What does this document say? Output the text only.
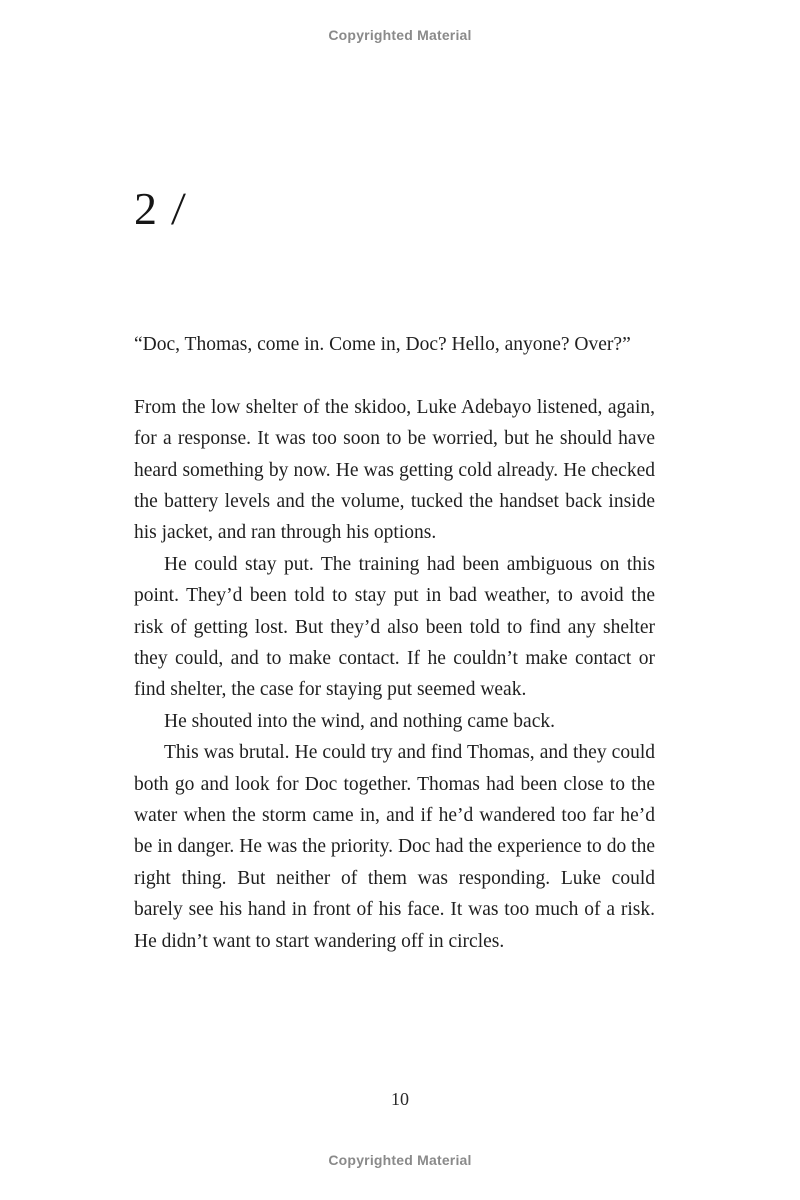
Copyrighted Material
2 /

“Doc, Thomas, come in. Come in, Doc? Hello, anyone? Over?”

From the low shelter of the skidoo, Luke Adebayo listened, again, for a response. It was too soon to be worried, but he should have heard something by now. He was getting cold already. He checked the battery levels and the volume, tucked the handset back inside his jacket, and ran through his options.

He could stay put. The training had been ambiguous on this point. They’d been told to stay put in bad weather, to avoid the risk of getting lost. But they’d also been told to find any shelter they could, and to make contact. If he couldn’t make contact or find shelter, the case for staying put seemed weak.

He shouted into the wind, and nothing came back.

This was brutal. He could try and find Thomas, and they could both go and look for Doc together. Thomas had been close to the water when the storm came in, and if he’d wandered too far he’d be in danger. He was the priority. Doc had the experience to do the right thing. But neither of them was responding. Luke could barely see his hand in front of his face. It was too much of a risk. He didn’t want to start wandering off in circles.

10
Copyrighted Material
